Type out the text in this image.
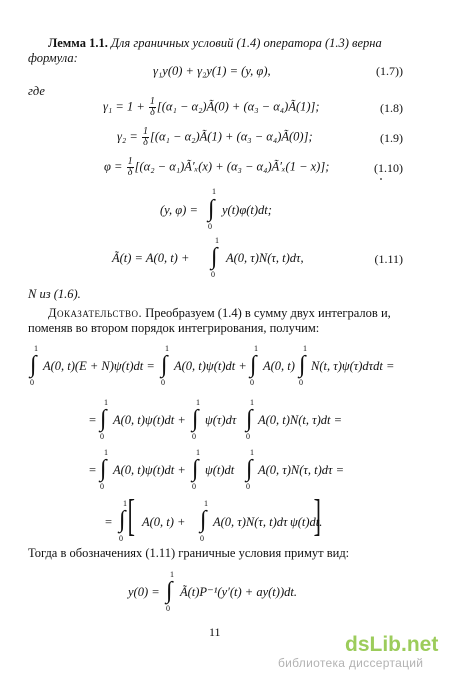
Лемма 1.1. Для граничных условий (1.4) оператора (1.3) верна
формула:
γ₁y(0) + γ₂y(1) = (y, φ),	(1.7))
где
$\gamma_1 = 1 + \frac{1}{\delta} [(\alpha_1$ − α₂)Ã(0) + (α₃ − α₄)Ã(1)];	(1.8)
$\gamma_2 = \frac{1}{\delta} [(\alpha_1$ − α₂)Ã(1) + (α₃ − α₄)Ã(0)];	(1.9)
$\varphi = \frac{1}{\delta} [(\alpha_2$ − α₁)Ã′ₓ(x) + (α₃ − α₄)Ã′ₓ(1 − x)];	(1.10)
(y, φ) =
1
∫
0
y(t)φ(t)dt;
Ã(t) = A(0, t) +
1
∫
0
A(0, τ)N(τ, t)dτ,	(1.11)
N из (1.6).
Доказательство. Преобразуем (1.4) в сумму двух интегралов и,
поменяв во втором порядок интегрирования, получим:
1
∫
0
A(0, t)(E + N)ψ(t)dt =
1
∫
0
A(0, t)ψ(t)dt +
1
∫
0
A(0, t)
1
∫
0
N(t, τ)ψ(τ)dτdt =
=
1
∫
0
A(0, t)ψ(t)dt +
1
∫
0
ψ(τ)dτ
1
∫
0
A(0, t)N(t, τ)dt =
=
1
∫
0
A(0, t)ψ(t)dt +
1
∫
0
ψ(t)dt
1
∫
0
A(0, τ)N(τ, t)dτ =
=
1
∫
0 [ A(0, t) +
1
∫
0
A(0, τ)N(τ, t)dτ ]
ψ(t)dt.
Тогда в обозначениях (1.11) граничные условия примут вид:
y(0) =
1
∫
0
Ã(t)P⁻¹(y′(t) + ay(t))dt.
11
dsLib.net
библиотека диссертаций
